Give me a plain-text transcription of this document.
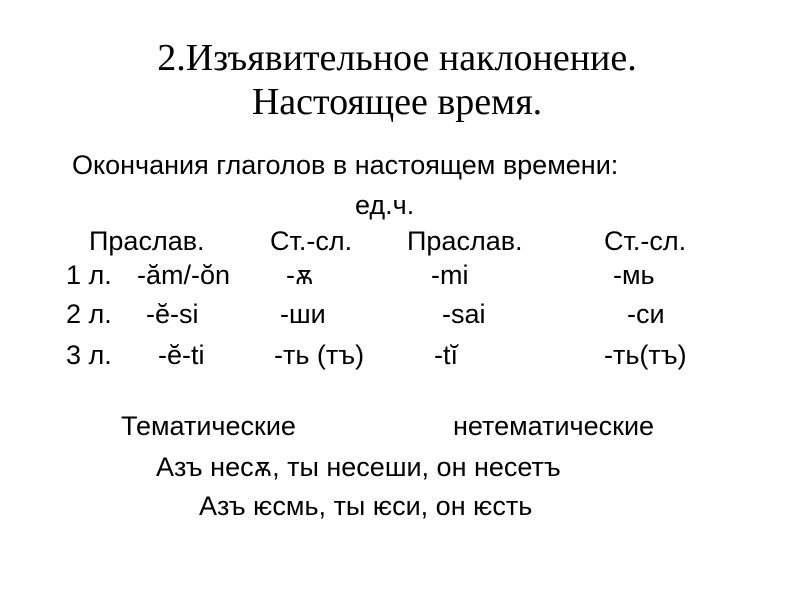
2.Изъявительное наклонение.
Настоящее время.
Окончания глаголов в настоящем времени:
ед.ч.
Праслав. Ст.-сл. Праслав.	Ст.-сл.
1 л. -ăm/-ŏn -ѫ	-mi	-мь
2 л. -ĕ-si	-ши	-sai	-си
3 л. -ĕ-ti	-ть (тъ)	-tĭ	-ть(тъ)
Тематические	нетематические
Азъ несѫ, ты несеши, он несетъ
Азъ ѥсмь, ты ѥси, он ѥсть
